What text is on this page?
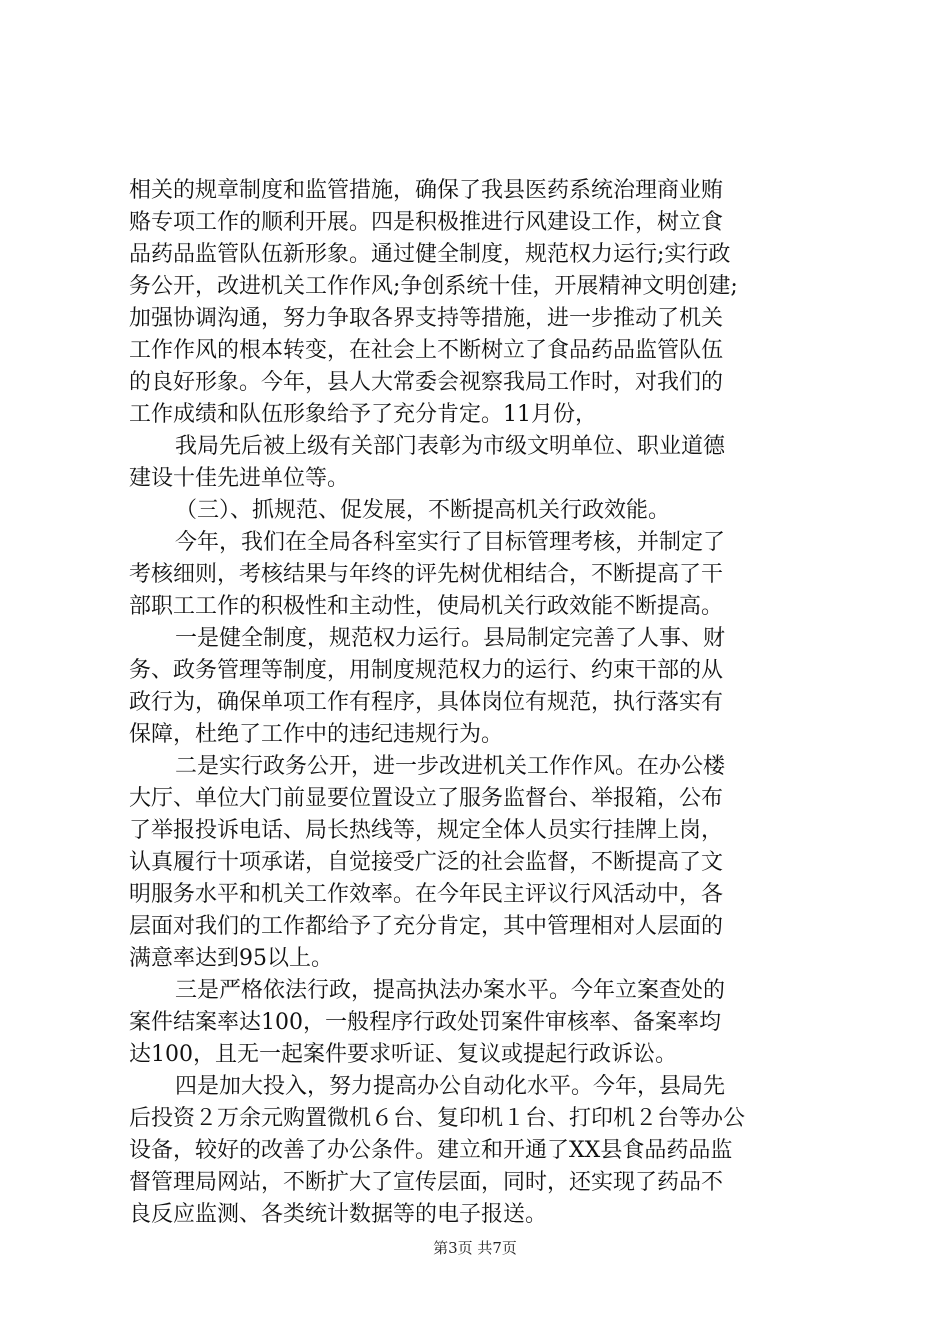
相关的规章制度和监管措施，确保了我县医药系统治理商业贿
赂专项工作的顺利开展。四是积极推进行风建设工作，树立食
品药品监管队伍新形象。通过健全制度，规范权力运行;实行政
务公开，改进机关工作作风;争创系统十佳，开展精神文明创建;
加强协调沟通，努力争取各界支持等措施，进一步推动了机关
工作作风的根本转变，在社会上不断树立了食品药品监管队伍
的良好形象。今年，县人大常委会视察我局工作时，对我们的
工作成绩和队伍形象给予了充分肯定。11月份，
我局先后被上级有关部门表彰为市级文明单位、职业道德
建设十佳先进单位等。
（三）、抓规范、促发展，不断提高机关行政效能。
今年，我们在全局各科室实行了目标管理考核，并制定了
考核细则，考核结果与年终的评先树优相结合，不断提高了干
部职工工作的积极性和主动性，使局机关行政效能不断提高。
一是健全制度，规范权力运行。县局制定完善了人事、财
务、政务管理等制度，用制度规范权力的运行、约束干部的从
政行为，确保单项工作有程序，具体岗位有规范，执行落实有
保障，杜绝了工作中的违纪违规行为。
二是实行政务公开，进一步改进机关工作作风。在办公楼
大厅、单位大门前显要位置设立了服务监督台、举报箱，公布
了举报投诉电话、局长热线等，规定全体人员实行挂牌上岗，
认真履行十项承诺，自觉接受广泛的社会监督，不断提高了文
明服务水平和机关工作效率。在今年民主评议行风活动中，各
层面对我们的工作都给予了充分肯定，其中管理相对人层面的
满意率达到95以上。
三是严格依法行政，提高执法办案水平。今年立案查处的
案件结案率达100，一般程序行政处罚案件审核率、备案率均
达100，且无一起案件要求听证、复议或提起行政诉讼。
四是加大投入，努力提高办公自动化水平。今年，县局先
后投资２万余元购置微机６台、复印机１台、打印机２台等办公
设备，较好的改善了办公条件。建立和开通了XX县食品药品监
督管理局网站，不断扩大了宣传层面，同时，还实现了药品不
良反应监测、各类统计数据等的电子报送。
第3页 共7页
